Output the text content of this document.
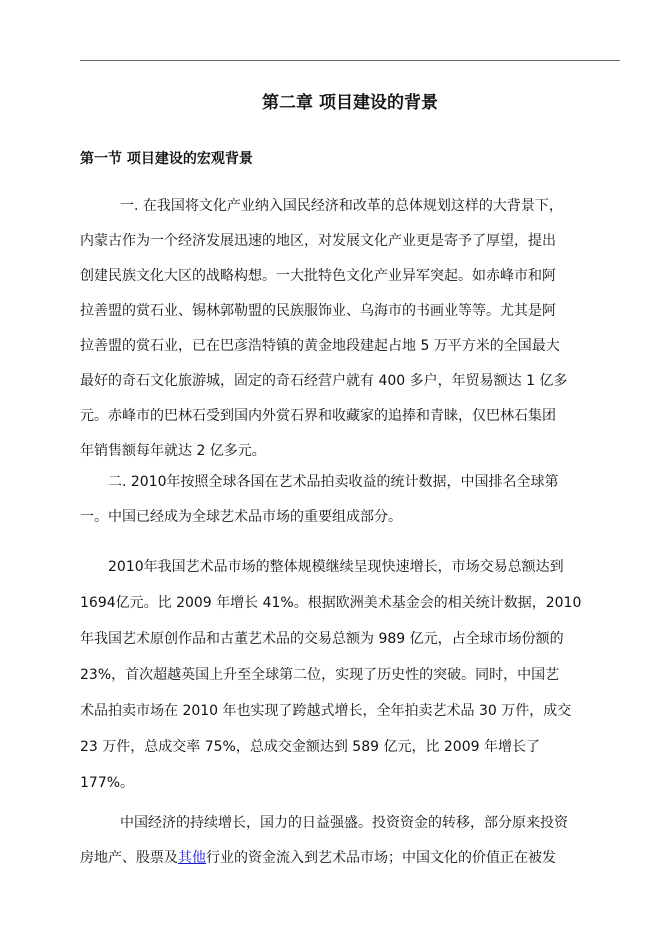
第二章 项目建设的背景
第一节 项目建设的宏观背景
一. 在我国将文化产业纳入国民经济和改革的总体规划这样的大背景下，
内蒙古作为一个经济发展迅速的地区，对发展文化产业更是寄予了厚望，提出
创建民族文化大区的战略构想。一大批特色文化产业异军突起。如赤峰市和阿
拉善盟的赏石业、锡林郭勒盟的民族服饰业、乌海市的书画业等等。尤其是阿
拉善盟的赏石业，已在巴彦浩特镇的黄金地段建起占地 5 万平方米的全国最大
最好的奇石文化旅游城，固定的奇石经营户就有 400 多户，年贸易额达 1 亿多
元。赤峰市的巴林石受到国内外赏石界和收藏家的追捧和青睐，仅巴林石集团
年销售额每年就达 2 亿多元。
二. 2010年按照全球各国在艺术品拍卖收益的统计数据，中国排名全球第
一。中国已经成为全球艺术品市场的重要组成部分。
2010年我国艺术品市场的整体规模继续呈现快速增长，市场交易总额达到
1694亿元。比 2009 年增长 41%。根据欧洲美术基金会的相关统计数据，2010
年我国艺术原创作品和古董艺术品的交易总额为 989 亿元，占全球市场份额的
23%，首次超越英国上升至全球第二位，实现了历史性的突破。同时，中国艺
术品拍卖市场在 2010 年也实现了跨越式增长，全年拍卖艺术品 30 万件，成交
23 万件，总成交率 75%，总成交金额达到 589 亿元，比 2009 年增长了
177%。
中国经济的持续增长，国力的日益强盛。投资资金的转移，部分原来投资
房地产、股票及其他行业的资金流入到艺术品市场；中国文化的价值正在被发
